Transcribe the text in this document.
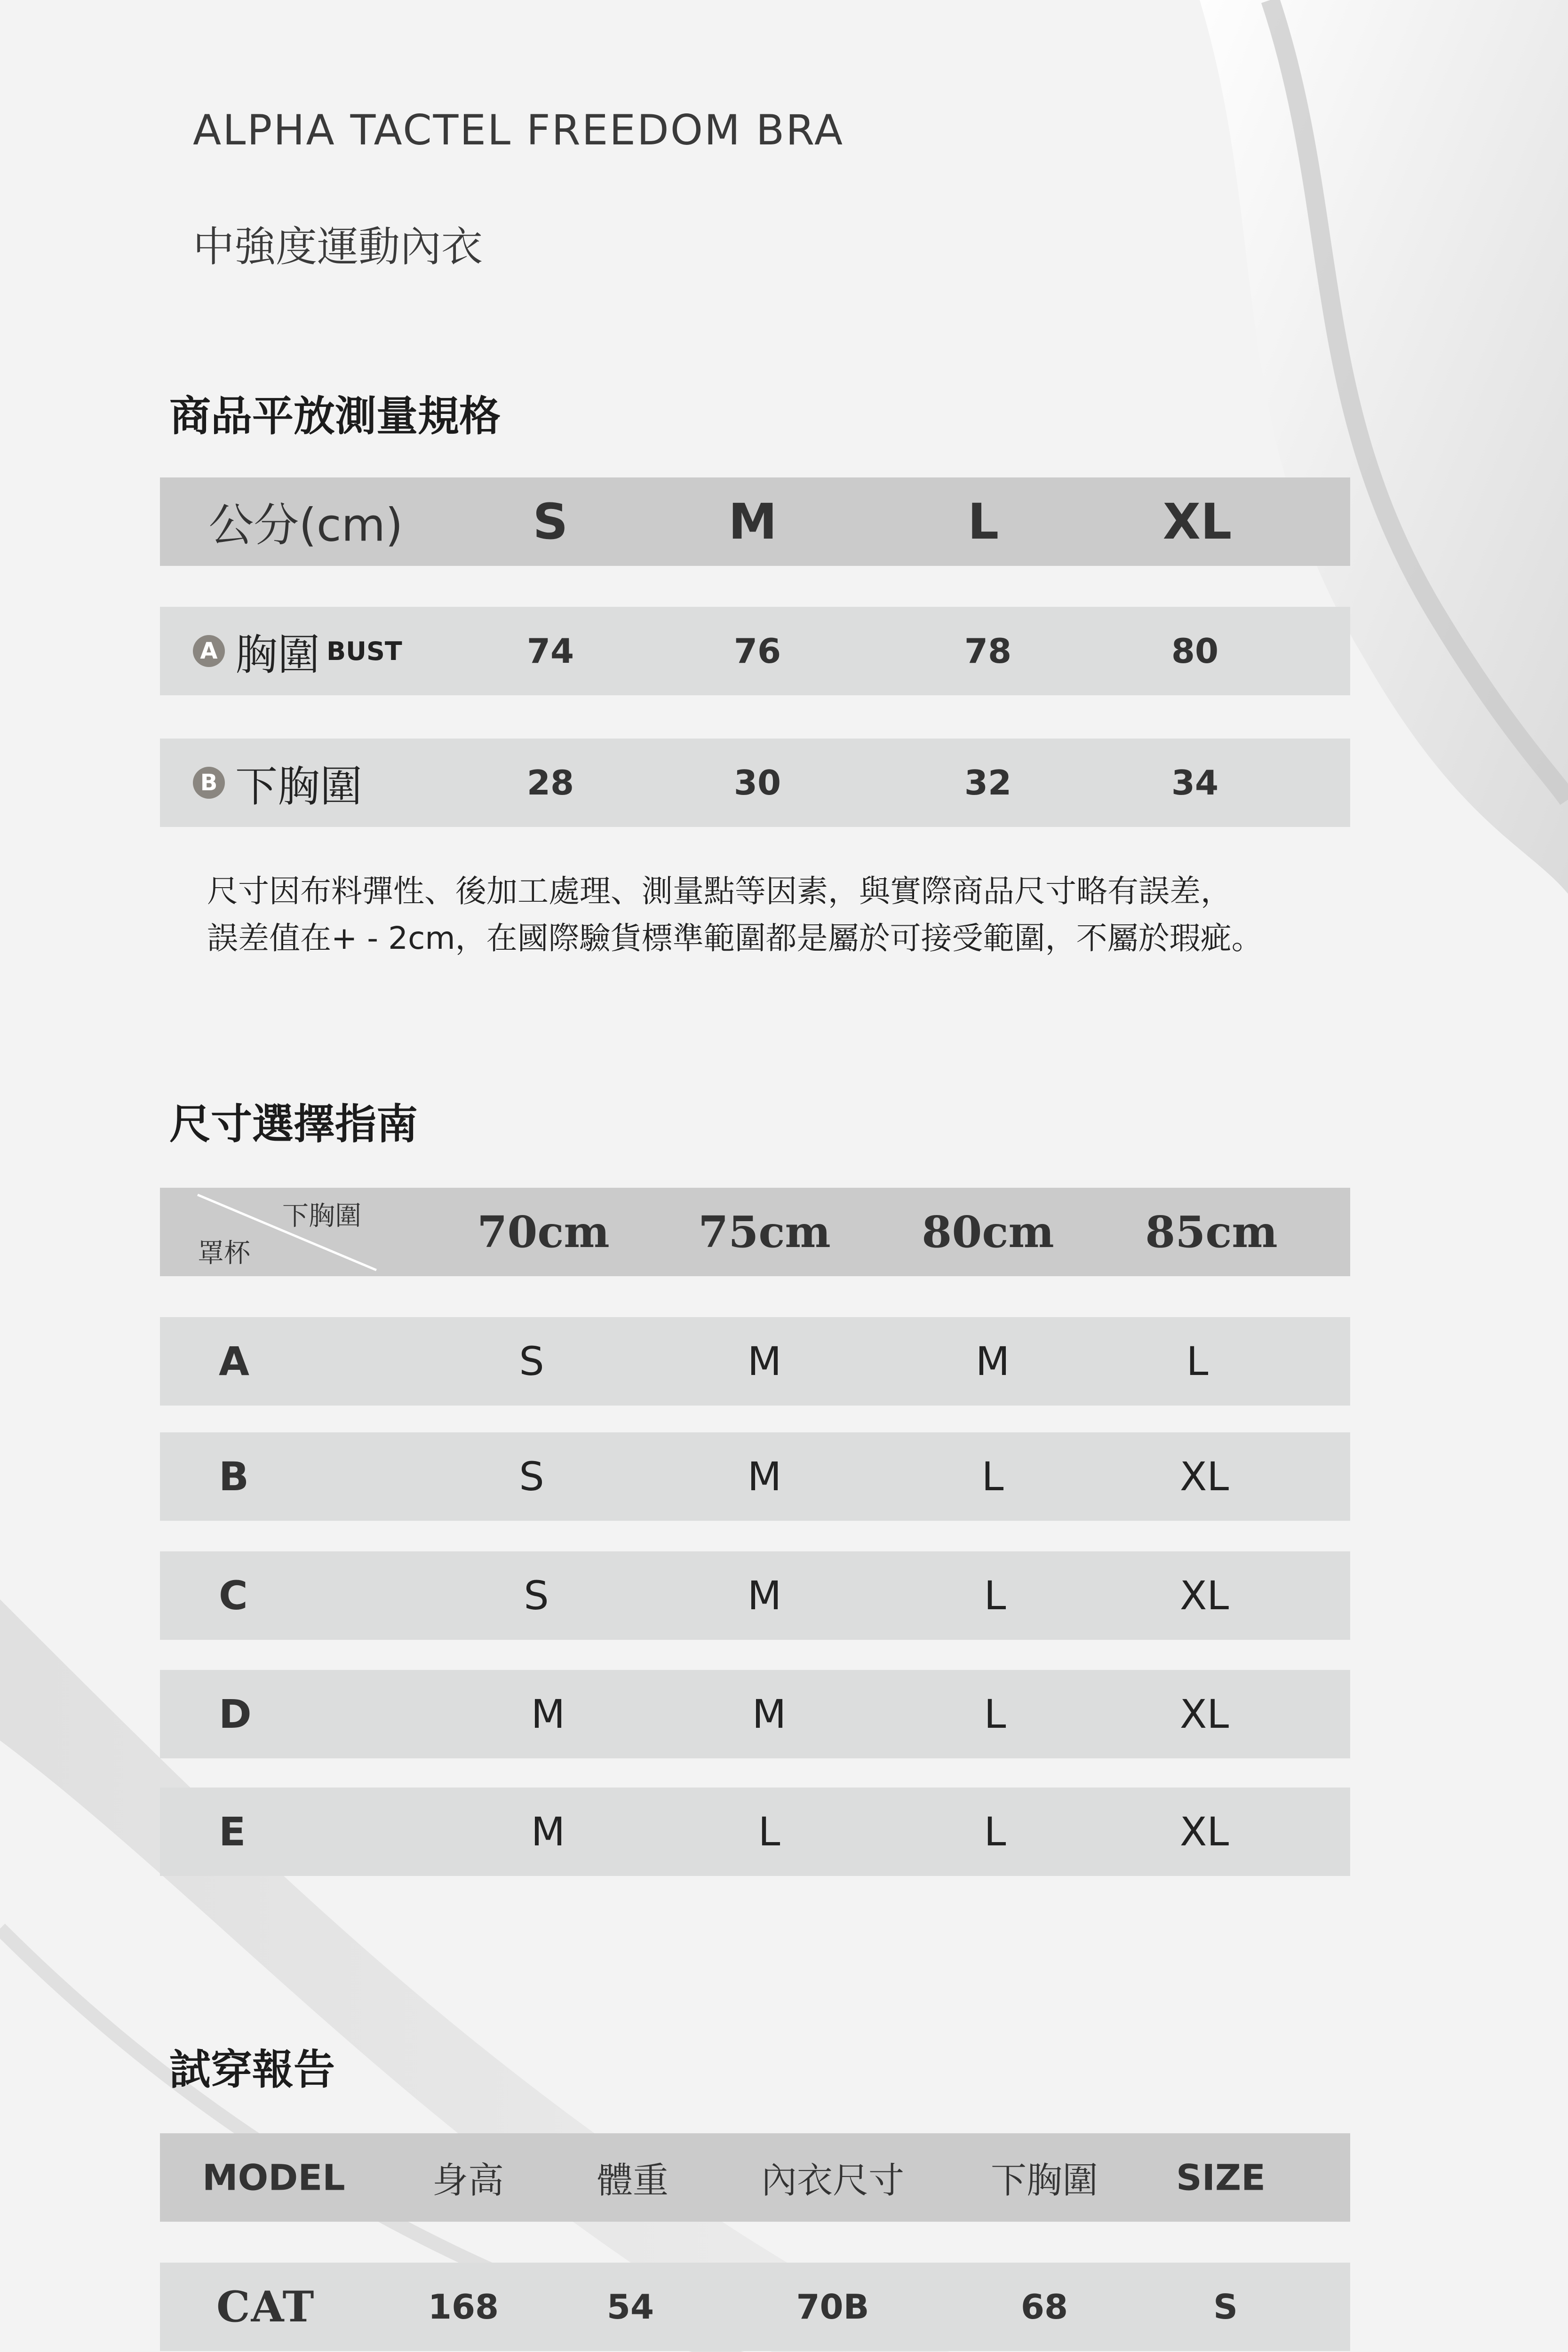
ALPHA TACTEL FREEDOM BRA
中強度運動內衣
商品平放測量規格
公分(cm)	S	M	L	XL
A 胸圍 BUST	74	76	78	80
B 下胸圍	28	30	32	34
尺寸因布料彈性、後加工處理、測量點等因素，與實際商品尺寸略有誤差，
誤差值在+ - 2cm，在國際驗貨標準範圍都是屬於可接受範圍，不屬於瑕疵。
尺寸選擇指南
下胸圍
罩杯	70cm 75cm 80cm 85cm
A	S	M	M	L
B	S	M	L	XL
C	S	M	L	XL
D	M	M	L	XL
E	M	L	L	XL
試穿報告
MODEL 身高	體重	內衣尺寸 下胸圍 SIZE
CAT	168	54	70B	68	S
